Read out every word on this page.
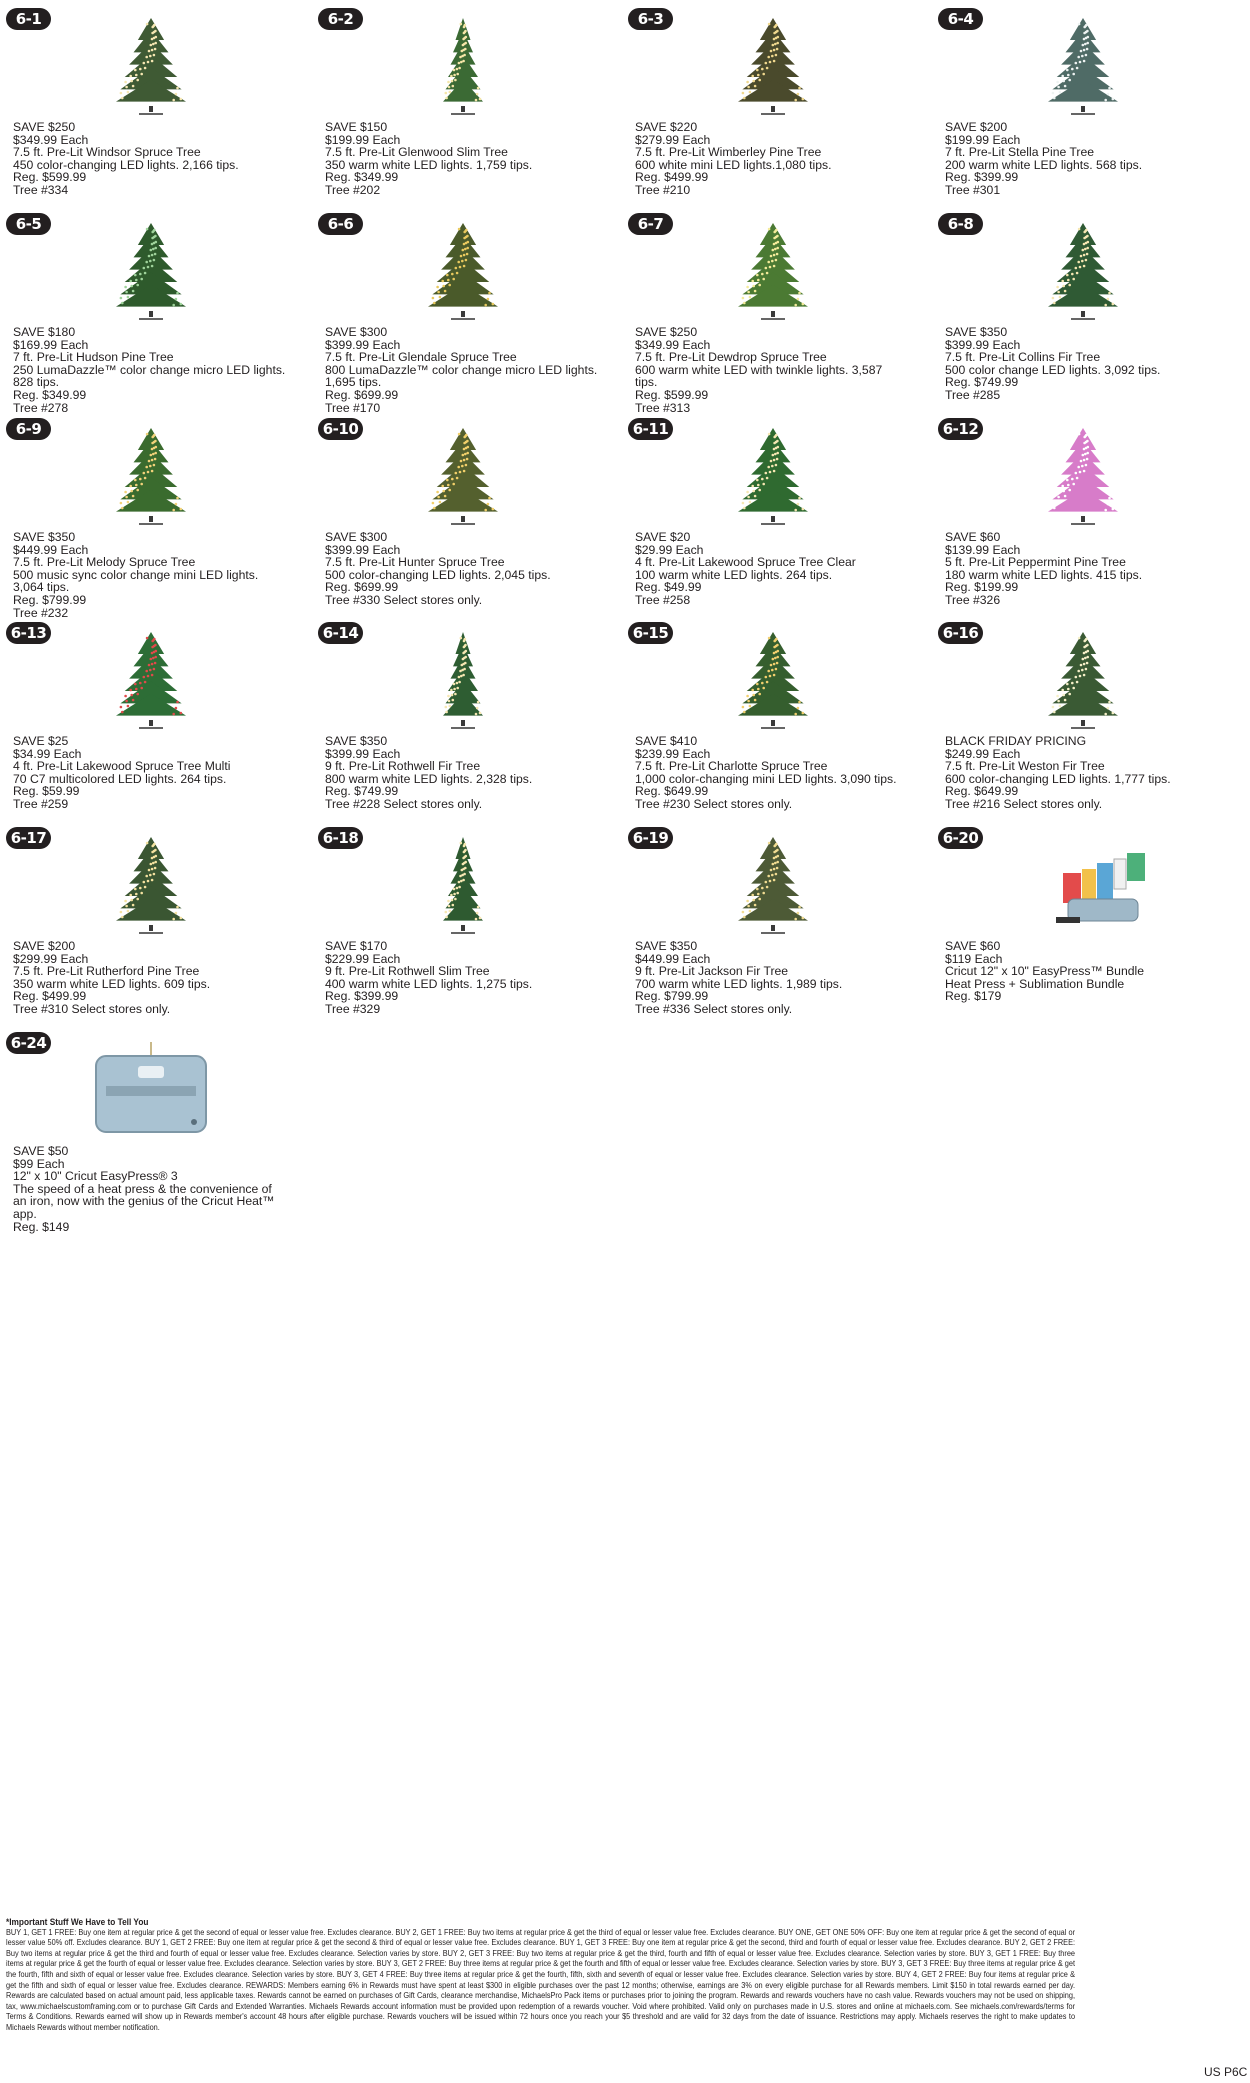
6-1
SAVE $250
$349.99 Each
7.5 ft. Pre-Lit Windsor Spruce Tree
450 color-changing LED lights. 2,166 tips.
Reg. $599.99
Tree #334
6-2
SAVE $150
$199.99 Each
7.5 ft. Pre-Lit Glenwood Slim Tree
350 warm white LED lights. 1,759 tips.
Reg. $349.99
Tree #202
6-3
SAVE $220
$279.99 Each
7.5 ft. Pre-Lit Wimberley Pine Tree
600 white mini LED lights.1,080 tips.
Reg. $499.99
Tree #210
6-4
SAVE $200
$199.99 Each
7 ft. Pre-Lit Stella Pine Tree
200 warm white LED lights. 568 tips.
Reg. $399.99
Tree #301
6-5
SAVE $180
$169.99 Each
7 ft. Pre-Lit Hudson Pine Tree
250 LumaDazzle™ color change micro LED lights.
828 tips.
Reg. $349.99
Tree #278
6-6
SAVE $300
$399.99 Each
7.5 ft. Pre-Lit Glendale Spruce Tree
800 LumaDazzle™ color change micro LED lights.
1,695 tips.
Reg. $699.99
Tree #170
6-7
SAVE $250
$349.99 Each
7.5 ft. Pre-Lit Dewdrop Spruce Tree
600 warm white LED with twinkle lights. 3,587
tips.
Reg. $599.99
Tree #313
6-8
SAVE $350
$399.99 Each
7.5 ft. Pre-Lit Collins Fir Tree
500 color change LED lights. 3,092 tips.
Reg. $749.99
Tree #285
6-9
SAVE $350
$449.99 Each
7.5 ft. Pre-Lit Melody Spruce Tree
500 music sync color change mini LED lights.
3,064 tips.
Reg. $799.99
Tree #232
6-10
SAVE $300
$399.99 Each
7.5 ft. Pre-Lit Hunter Spruce Tree
500 color-changing LED lights. 2,045 tips.
Reg. $699.99
Tree #330 Select stores only.
6-11
SAVE $20
$29.99 Each
4 ft. Pre-Lit Lakewood Spruce Tree Clear
100 warm white LED lights. 264 tips.
Reg. $49.99
Tree #258
6-12
SAVE $60
$139.99 Each
5 ft. Pre-Lit Peppermint Pine Tree
180 warm white LED lights. 415 tips.
Reg. $199.99
Tree #326
6-13
SAVE $25
$34.99 Each
4 ft. Pre-Lit Lakewood Spruce Tree Multi
70 C7 multicolored LED lights. 264 tips.
Reg. $59.99
Tree #259
6-14
SAVE $350
$399.99 Each
9 ft. Pre-Lit Rothwell Fir Tree
800 warm white LED lights. 2,328 tips.
Reg. $749.99
Tree #228 Select stores only.
6-15
SAVE $410
$239.99 Each
7.5 ft. Pre-Lit Charlotte Spruce Tree
1,000 color-changing mini LED lights. 3,090 tips.
Reg. $649.99
Tree #230 Select stores only.
6-16
BLACK FRIDAY PRICING
$249.99 Each
7.5 ft. Pre-Lit Weston Fir Tree
600 color-changing LED lights. 1,777 tips.
Reg. $649.99
Tree #216 Select stores only.
6-17
SAVE $200
$299.99 Each
7.5 ft. Pre-Lit Rutherford Pine Tree
350 warm white LED lights. 609 tips.
Reg. $499.99
Tree #310 Select stores only.
6-18
SAVE $170
$229.99 Each
9 ft. Pre-Lit Rothwell Slim Tree
400 warm white LED lights. 1,275 tips.
Reg. $399.99
Tree #329
6-19
SAVE $350
$449.99 Each
9 ft. Pre-Lit Jackson Fir Tree
700 warm white LED lights. 1,989 tips.
Reg. $799.99
Tree #336 Select stores only.
6-20
SAVE $60
$119 Each
Cricut 12" x 10" EasyPress™ Bundle
Heat Press + Sublimation Bundle
Reg. $179
6-24
SAVE $50
$99 Each
12" x 10" Cricut EasyPress® 3
The speed of a heat press & the convenience of
an iron, now with the genius of the Cricut Heat™
app.
Reg. $149
*Important Stuff We Have to Tell You
BUY 1, GET 1 FREE: Buy one item at regular price & get the second of equal or lesser value free. Excludes clearance. BUY 2, GET 1 FREE: Buy two items at regular price & get the third of equal or lesser value free. Excludes clearance. BUY ONE, GET ONE 50% OFF: Buy one item at regular price & get the second of equal or lesser value 50% off. Excludes clearance. BUY 1, GET 2 FREE: Buy one item at regular price & get the second & third of equal or lesser value free. Excludes clearance. BUY 1, GET 3 FREE: Buy one item at regular price & get the second, third and fourth of equal or lesser value free. Excludes clearance. BUY 2, GET 2 FREE: Buy two items at regular price & get the third and fourth of equal or lesser value free. Excludes clearance. Selection varies by store. BUY 2, GET 3 FREE: Buy two items at regular price & get the third, fourth and fifth of equal or lesser value free. Excludes clearance. Selection varies by store. BUY 3, GET 1 FREE: Buy three items at regular price & get the fourth of equal or lesser value free. Excludes clearance. Selection varies by store. BUY 3, GET 2 FREE: Buy three items at regular price & get the fourth and fifth of equal or lesser value free. Excludes clearance. Selection varies by store. BUY 3, GET 3 FREE: Buy three items at regular price & get the fourth, fifth and sixth of equal or lesser value free. Excludes clearance. Selection varies by store. BUY 3, GET 4 FREE: Buy three items at regular price & get the fourth, fifth, sixth and seventh of equal or lesser value free. Excludes clearance. Selection varies by store. BUY 4, GET 2 FREE: Buy four items at regular price & get the fifth and sixth of equal or lesser value free. Excludes clearance. REWARDS: Members earning 6% in Rewards must have spent at least $300 in eligible purchases over the past 12 months; otherwise, earnings are 3% on every eligible purchase for all Rewards members. Limit $150 in total rewards earned per day. Rewards are calculated based on actual amount paid, less applicable taxes. Rewards cannot be earned on purchases of Gift Cards, clearance merchandise, MichaelsPro Pack items or purchases prior to joining the program. Rewards and rewards vouchers have no cash value. Rewards vouchers may not be used on shipping, tax, www.michaelscustomframing.com or to purchase Gift Cards and Extended Warranties. Michaels Rewards account information must be provided upon redemption of a rewards voucher. Void where prohibited. Valid only on purchases made in U.S. stores and online at michaels.com. See michaels.com/rewards/terms for Terms & Conditions. Rewards earned will show up in Rewards member's account 48 hours after eligible purchase. Rewards vouchers will be issued within 72 hours once you reach your $5 threshold and are valid for 32 days from the date of issuance. Restrictions may apply. Michaels reserves the right to make updates to Michaels Rewards without member notification.
US P6C
